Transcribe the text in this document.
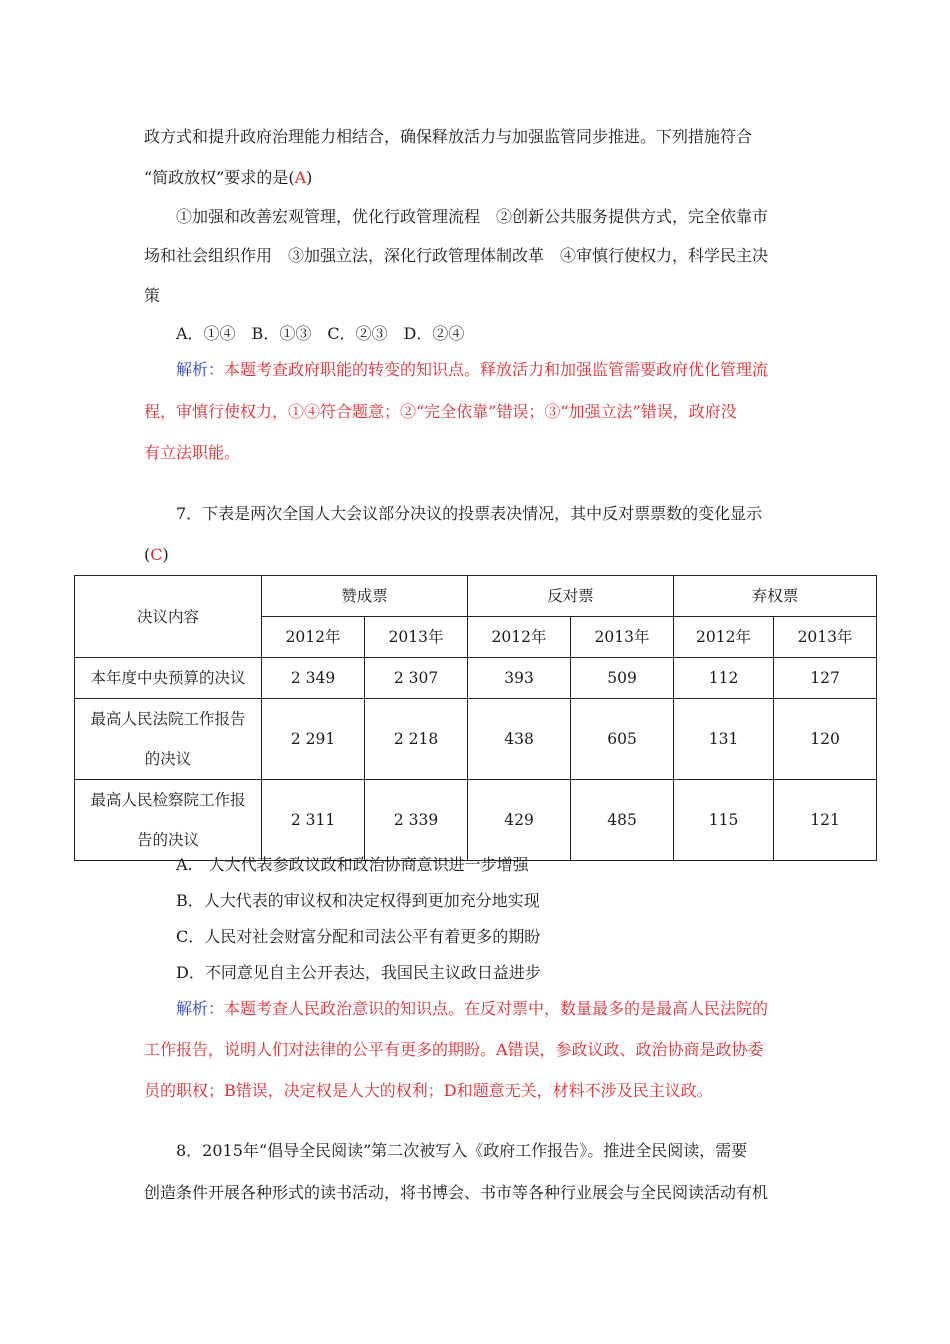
政方式和提升政府治理能力相结合，确保释放活力与加强监管同步推进。下列措施符合
“简政放权”要求的是(A)
①加强和改善宏观管理，优化行政管理流程　②创新公共服务提供方式，完全依靠市
场和社会组织作用　③加强立法，深化行政管理体制改革　④审慎行使权力，科学民主决
策
A．①④　B．①③　C．②③　D．②④
解析：本题考查政府职能的转变的知识点。释放活力和加强监管需要政府优化管理流
程，审慎行使权力，①④符合题意；②“完全依靠”错误；③“加强立法”错误，政府没
有立法职能。
7．下表是两次全国人大会议部分决议的投票表决情况，其中反对票票数的变化显示
(C)
决议内容	赞成票		反对票		弃权票	
	2012年	2013年	2012年	2013年	2012年	2013年
本年度中央预算的决议	2 349	2 307	393	509	112	127

最高人民法院工作报告
的决议	2 291	2 218	438	605	131	120

最高人民检察院工作报
告的决议	2 311	2 339	429	485	115	121
A.　人大代表参政议政和政治协商意识进一步增强
B．人大代表的审议权和决定权得到更加充分地实现
C．人民对社会财富分配和司法公平有着更多的期盼
D．不同意见自主公开表达，我国民主议政日益进步
解析：本题考查人民政治意识的知识点。在反对票中，数量最多的是最高人民法院的
工作报告，说明人们对法律的公平有更多的期盼。A错误，参政议政、政治协商是政协委
员的职权；B错误，决定权是人大的权利；D和题意无关，材料不涉及民主议政。
8．2015年“倡导全民阅读”第二次被写入《政府工作报告》。推进全民阅读，需要
创造条件开展各种形式的读书活动，将书博会、书市等各种行业展会与全民阅读活动有机
